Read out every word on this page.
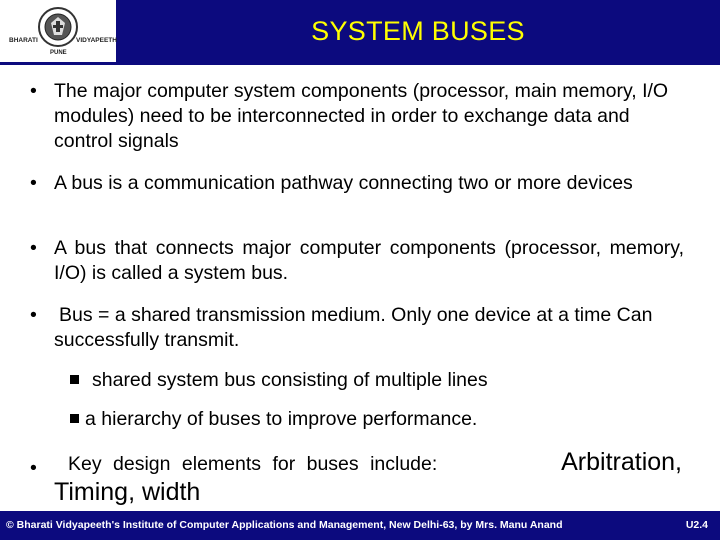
BHARATI	VIDYAPEETH
PUNE
SYSTEM BUSES
• The major computer system components (processor, main memory, I/O modules) need to be interconnected in order to exchange data and control signals
• A bus is a communication pathway connecting two or more devices
• A bus that connects major computer components (processor, memory, I/O) is called a system bus.
• Bus = a shared transmission medium. Only one device at a time Can successfully transmit.
shared system bus consisting of multiple lines
a hierarchy of buses to improve performance.
• Key design elements for buses include:	Arbitration,
Timing, width
© Bharati Vidyapeeth's Institute of Computer Applications and Management, New Delhi-63, by Mrs. Manu Anand	U2.4
